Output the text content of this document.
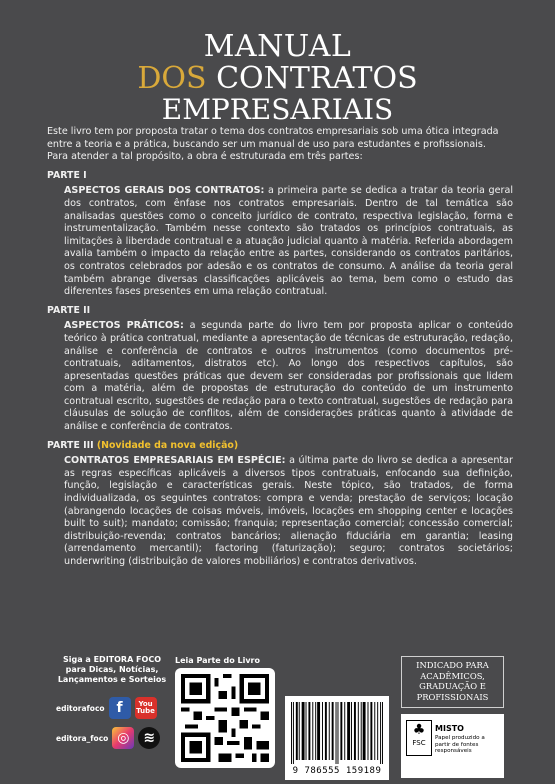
MANUAL
DOS CONTRATOS
EMPRESARIAIS

Este livro tem por proposta tratar o tema dos contratos empresariais sob uma ótica integrada entre a teoria e a prática, buscando ser um manual de uso para estudantes e profissionais.

Para atender a tal propósito, a obra é estruturada em três partes:

PARTE I

ASPECTOS GERAIS DOS CONTRATOS: a primeira parte se dedica a tratar da teoria geral dos contratos, com ênfase nos contratos empresariais. Dentro de tal temática são analisadas questões como o conceito jurídico de contrato, respectiva legislação, forma e instrumentalização. Também nesse contexto são tratados os princípios contratuais, as limitações à liberdade contratual e a atuação judicial quanto à matéria. Referida abordagem avalia também o impacto da relação entre as partes, considerando os contratos paritários, os contratos celebrados por adesão e os contratos de consumo. A análise da teoria geral também abrange diversas classificações aplicáveis ao tema, bem como o estudo das diferentes fases presentes em uma relação contratual.

PARTE II

ASPECTOS PRÁTICOS: a segunda parte do livro tem por proposta aplicar o conteúdo teórico à prática contratual, mediante a apresentação de técnicas de estruturação, redação, análise e conferência de contratos e outros instrumentos (como documentos pré-contratuais, aditamentos, distratos etc). Ao longo dos respectivos capítulos, são apresentadas questões práticas que devem ser consideradas por profissionais que lidem com a matéria, além de propostas de estruturação do conteúdo de um instrumento contratual escrito, sugestões de redação para o texto contratual, sugestões de redação para cláusulas de solução de conflitos, além de considerações práticas quanto à atividade de análise e conferência de contratos.

PARTE III (Novidade da nova edição)

CONTRATOS EMPRESARIAIS EM ESPÉCIE: a última parte do livro se dedica a apresentar as regras específicas aplicáveis a diversos tipos contratuais, enfocando sua definição, função, legislação e características gerais. Neste tópico, são tratados, de forma individualizada, os seguintes contratos: compra e venda; prestação de serviços; locação (abrangendo locações de coisas móveis, imóveis, locações em shopping center e locações built to suit); mandato; comissão; franquia; representação comercial; concessão comercial; distribuição-revenda; contratos bancários; alienação fiduciária em garantia; leasing (arrendamento mercantil); factoring (faturização); seguro; contratos societários; underwriting (distribuição de valores mobiliários) e contratos derivativos.

Siga a EDITORA FOCO para Dicas, Notícias, Lançamentos e Sorteios
editorafoco f	You
Tube
editora_foco ◎	≋
Leia Parte do Livro
9 786555 159189
INDICADO PARA ACADÊMICOS, GRADUAÇÃO E PROFISSIONAIS
♣
FSC
MISTO
Papel produzido a partir de fontes responsáveis
